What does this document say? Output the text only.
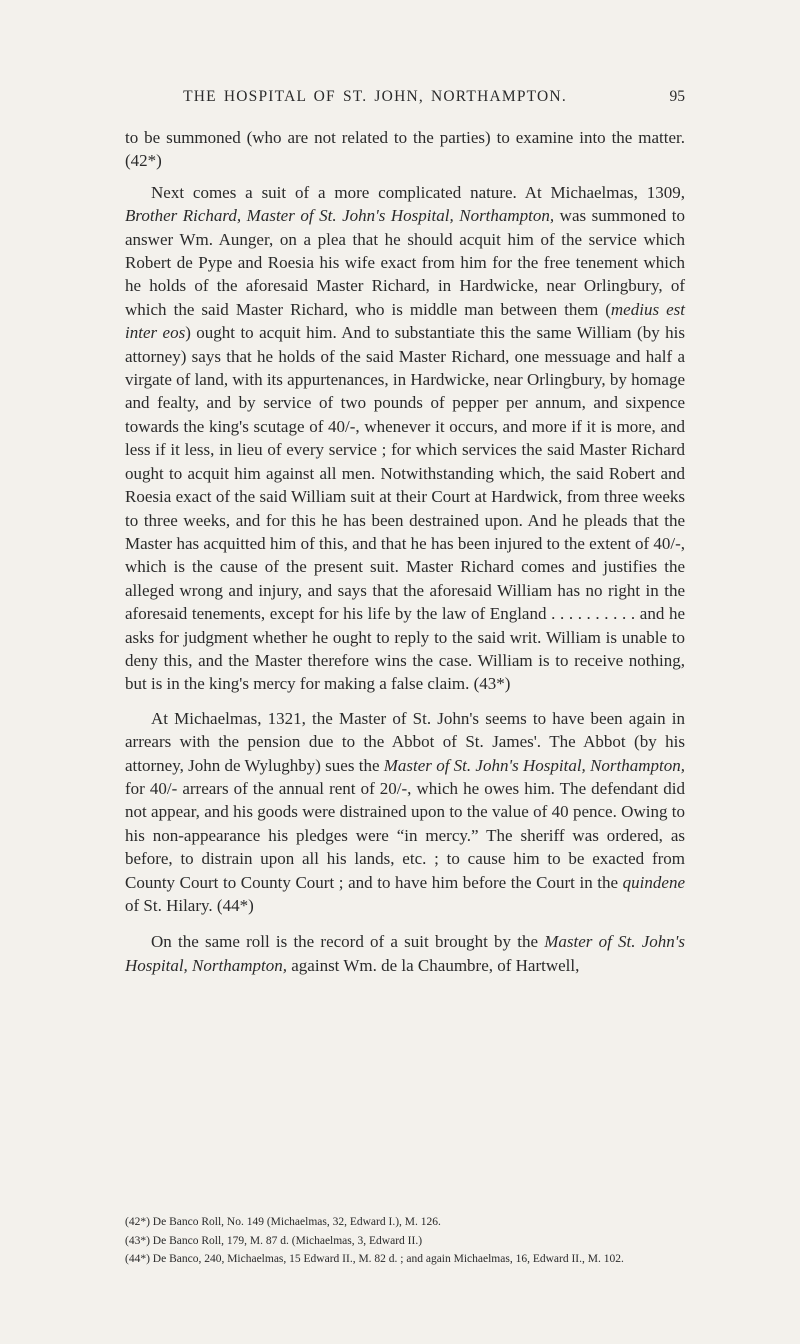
THE HOSPITAL OF ST. JOHN, NORTHAMPTON.	95

to be summoned (who are not related to the parties) to examine into the matter. (42*)

Next comes a suit of a more complicated nature. At Michaelmas, 1309, Brother Richard, Master of St. John's Hospital, Northampton, was summoned to answer Wm. Aunger, on a plea that he should acquit him of the service which Robert de Pype and Roesia his wife exact from him for the free tenement which he holds of the aforesaid Master Richard, in Hardwicke, near Orlingbury, of which the said Master Richard, who is middle man between them (medius est inter eos) ought to acquit him. And to substantiate this the same William (by his attorney) says that he holds of the said Master Richard, one messuage and half a virgate of land, with its appurtenances, in Hardwicke, near Orlingbury, by homage and fealty, and by service of two pounds of pepper per annum, and sixpence towards the king's scutage of 40/-, whenever it occurs, and more if it is more, and less if it less, in lieu of every service ; for which services the said Master Richard ought to acquit him against all men. Notwithstanding which, the said Robert and Roesia exact of the said William suit at their Court at Hardwick, from three weeks to three weeks, and for this he has been destrained upon. And he pleads that the Master has acquitted him of this, and that he has been injured to the extent of 40/-, which is the cause of the present suit. Master Richard comes and justifies the alleged wrong and injury, and says that the aforesaid William has no right in the aforesaid tenements, except for his life by the law of England . . . . . . . . . . and he asks for judgment whether he ought to reply to the said writ. William is unable to deny this, and the Master therefore wins the case. William is to receive nothing, but is in the king's mercy for making a false claim. (43*)

At Michaelmas, 1321, the Master of St. John's seems to have been again in arrears with the pension due to the Abbot of St. James'. The Abbot (by his attorney, John de Wylughby) sues the Master of St. John's Hospital, Northampton, for 40/- arrears of the annual rent of 20/-, which he owes him. The defendant did not appear, and his goods were distrained upon to the value of 40 pence. Owing to his non-appearance his pledges were “in mercy.” The sheriff was ordered, as before, to distrain upon all his lands, etc. ; to cause him to be exacted from County Court to County Court ; and to have him before the Court in the quindene of St. Hilary. (44*)

On the same roll is the record of a suit brought by the Master of St. John's Hospital, Northampton, against Wm. de la Chaumbre, of Hartwell,

(42*) De Banco Roll, No. 149 (Michaelmas, 32, Edward I.), M. 126.

(43*) De Banco Roll, 179, M. 87 d. (Michaelmas, 3, Edward II.)

(44*) De Banco, 240, Michaelmas, 15 Edward II., M. 82 d. ; and again Michaelmas, 16, Edward II., M. 102.
